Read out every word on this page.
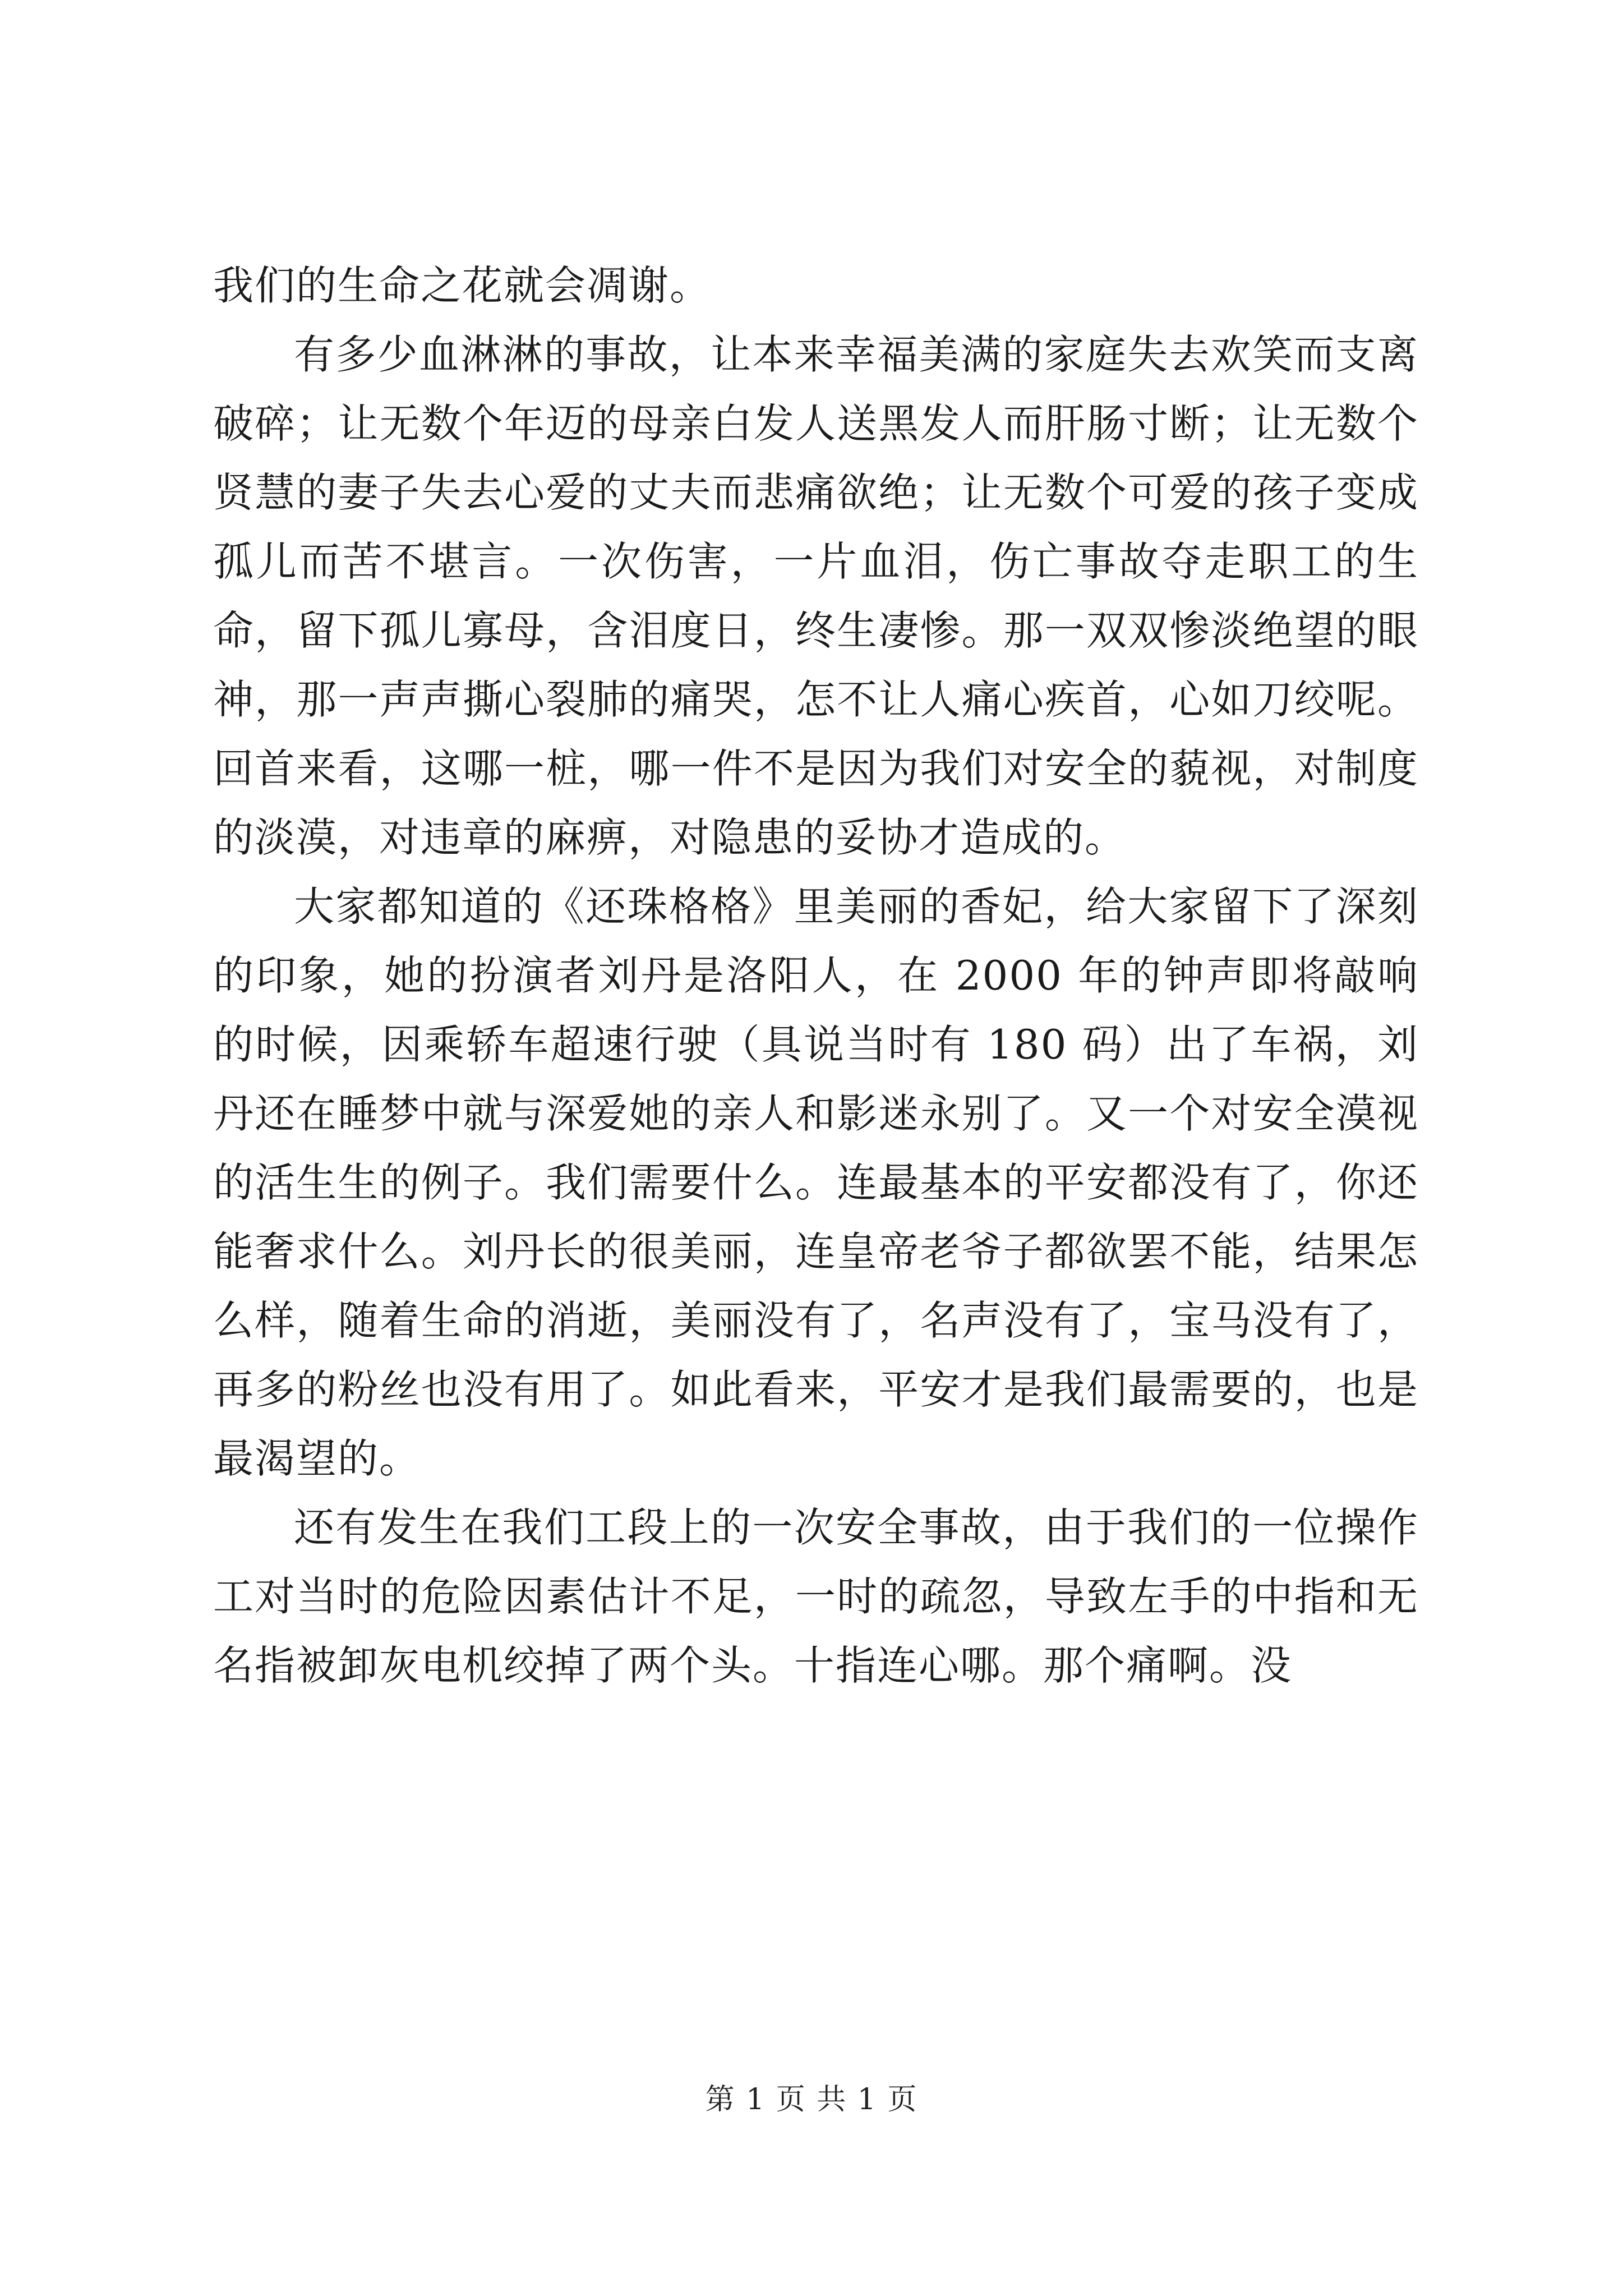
我们的生命之花就会凋谢。

有多少血淋淋的事故，让本来幸福美满的家庭失去欢笑而支离破碎；让无数个年迈的母亲白发人送黑发人而肝肠寸断；让无数个贤慧的妻子失去心爱的丈夫而悲痛欲绝；让无数个可爱的孩子变成孤儿而苦不堪言。一次伤害，一片血泪，伤亡事故夺走职工的生命，留下孤儿寡母，含泪度日，终生凄惨。那一双双惨淡绝望的眼神，那一声声撕心裂肺的痛哭，怎不让人痛心疾首，心如刀绞呢。回首来看，这哪一桩，哪一件不是因为我们对安全的藐视，对制度的淡漠，对违章的麻痹，对隐患的妥协才造成的。

大家都知道的《还珠格格》里美丽的香妃，给大家留下了深刻的印象，她的扮演者刘丹是洛阳人，在 2000 年的钟声即将敲响的时候，因乘轿车超速行驶（具说当时有 180 码）出了车祸，刘丹还在睡梦中就与深爱她的亲人和影迷永别了。又一个对安全漠视的活生生的例子。我们需要什么。连最基本的平安都没有了，你还能奢求什么。刘丹长的很美丽，连皇帝老爷子都欲罢不能，结果怎么样，随着生命的消逝，美丽没有了，名声没有了，宝马没有了，再多的粉丝也没有用了。如此看来，平安才是我们最需要的，也是最渴望的。

还有发生在我们工段上的一次安全事故，由于我们的一位操作工对当时的危险因素估计不足，一时的疏忽，导致左手的中指和无名指被卸灰电机绞掉了两个头。十指连心哪。那个痛啊。没

第 1 页 共 1 页
